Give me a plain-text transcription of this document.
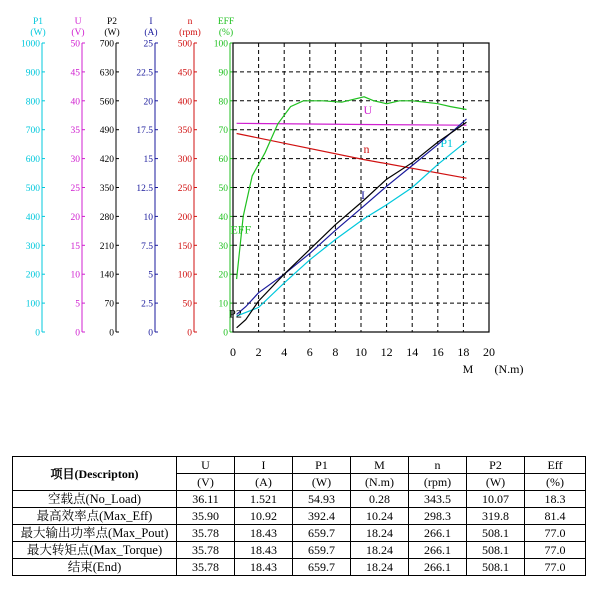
P1
(W)
0
100
200
300
400
500
600
700
800
900
1000
U
(V)
0
5
10
15
20
25
30
35
40
45
50
P2
(W)
0
70
140
210
280
350
420
490
560
630
700
I
(A)
0
2.5
5
7.5
10
12.5
15
17.5
20
22.5
25
n
(rpm)
0
50
100
150
200
250
300
350
400
450
500
EFF
(%)
0
10
20
30
40
50
60
70
80
90
100
U
n	P1
I
P2
EFF
0 2 4 6 8 10 12 14 16 18 20
M (N.m)
项目(Descripton)	U	I	P1	M	n	P2	Eff
	(V)	(A)	(W)	(N.m)	(rpm)	(W)	(%)
空载点(No_Load)	36.11	1.521	54.93	0.28	343.5	10.07	18.3
最高效率点(Max_Eff)	35.90	10.92	392.4	10.24	298.3	319.8	81.4
最大输出功率点(Max_Pout)	35.78	18.43	659.7	18.24	266.1	508.1	77.0
最大转矩点(Max_Torque)	35.78	18.43	659.7	18.24	266.1	508.1	77.0
结束(End)	35.78	18.43	659.7	18.24	266.1	508.1	77.0
